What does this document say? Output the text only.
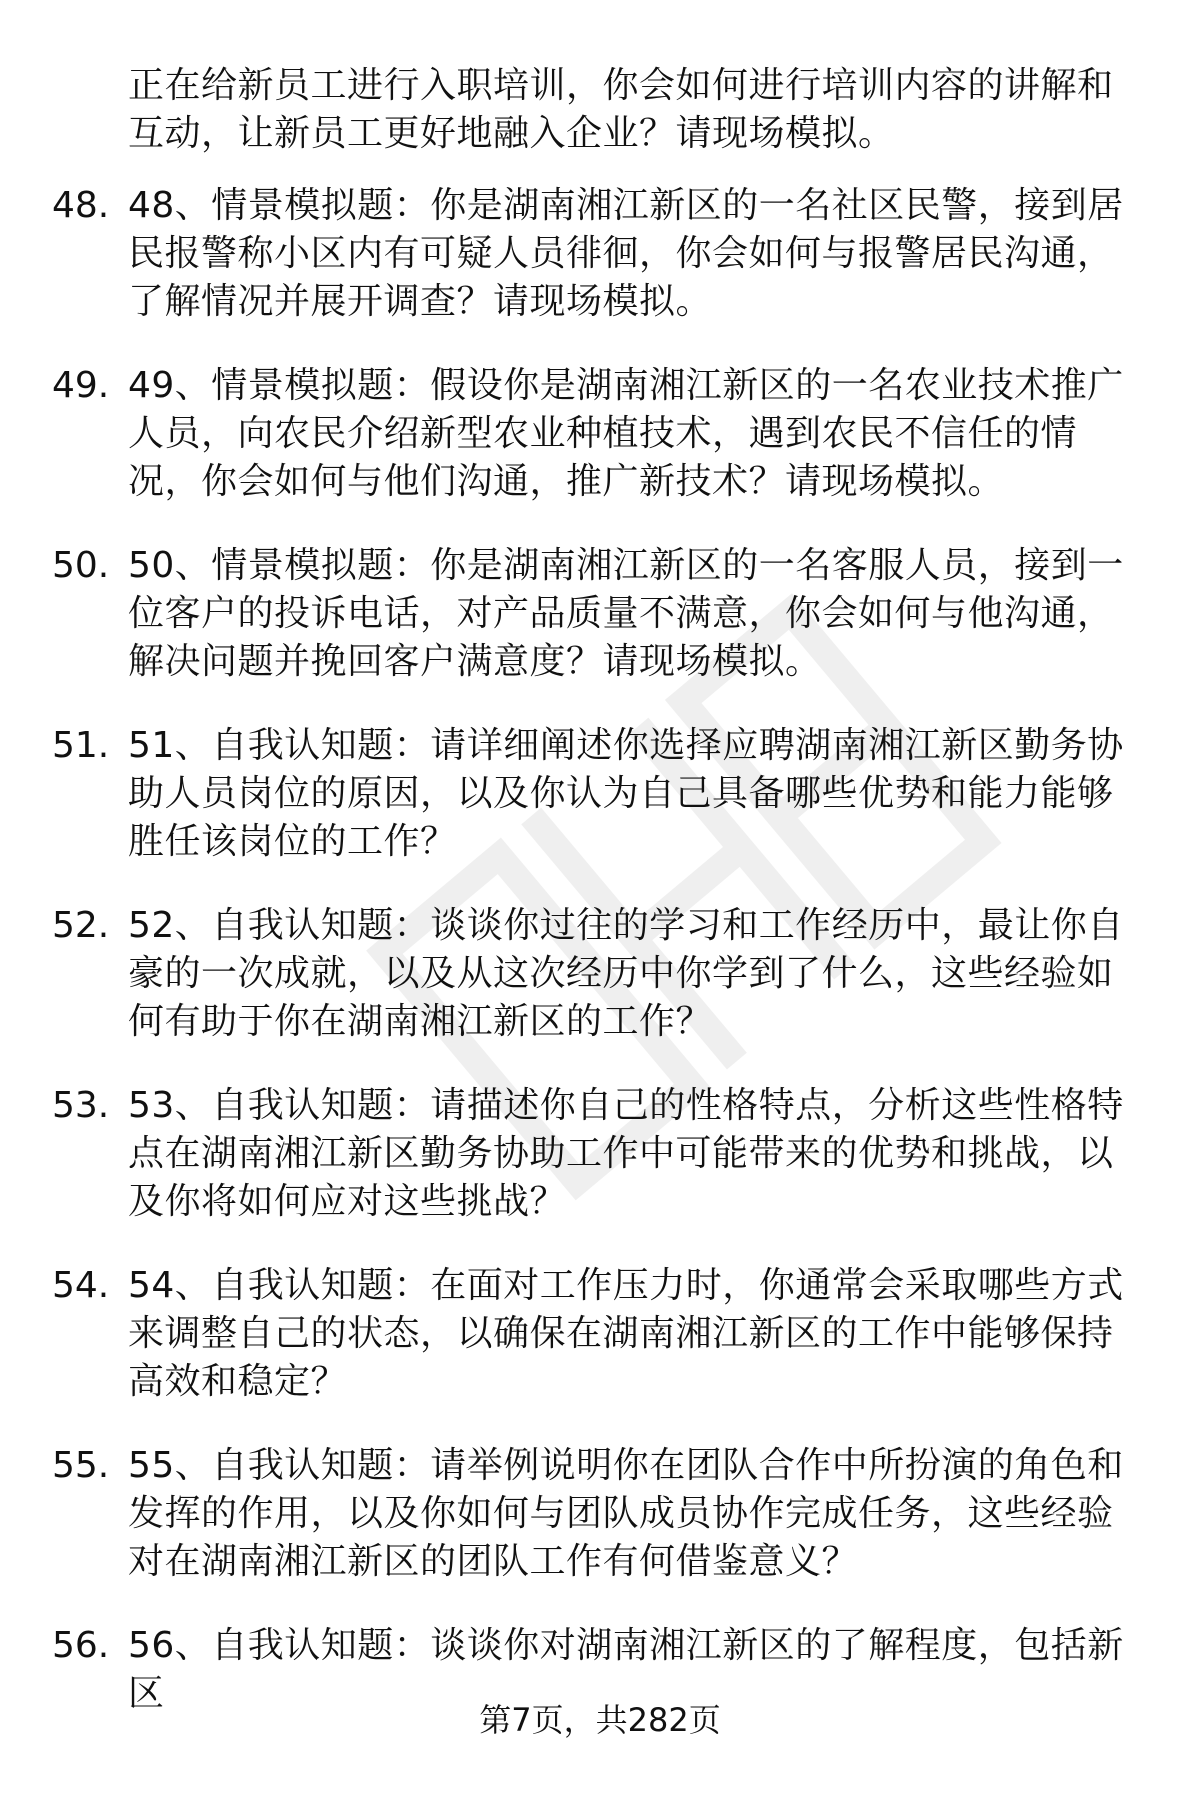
正在给新员工进行入职培训，你会如何进行培训内容的讲解和互动，让新员工更好地融入企业？请现场模拟。
48. 48、情景模拟题：你是湖南湘江新区的一名社区民警，接到居民报警称小区内有可疑人员徘徊，你会如何与报警居民沟通，了解情况并展开调查？请现场模拟。
49. 49、情景模拟题：假设你是湖南湘江新区的一名农业技术推广人员，向农民介绍新型农业种植技术，遇到农民不信任的情况，你会如何与他们沟通，推广新技术？请现场模拟。
50. 50、情景模拟题：你是湖南湘江新区的一名客服人员，接到一位客户的投诉电话，对产品质量不满意，你会如何与他沟通，解决问题并挽回客户满意度？请现场模拟。
51. 51、自我认知题：请详细阐述你选择应聘湖南湘江新区勤务协助人员岗位的原因，以及你认为自己具备哪些优势和能力能够胜任该岗位的工作？
52. 52、自我认知题：谈谈你过往的学习和工作经历中，最让你自豪的一次成就，以及从这次经历中你学到了什么，这些经验如何有助于你在湖南湘江新区的工作？
53. 53、自我认知题：请描述你自己的性格特点，分析这些性格特点在湖南湘江新区勤务协助工作中可能带来的优势和挑战，以及你将如何应对这些挑战？
54. 54、自我认知题：在面对工作压力时，你通常会采取哪些方式来调整自己的状态，以确保在湖南湘江新区的工作中能够保持高效和稳定？
55. 55、自我认知题：请举例说明你在团队合作中所扮演的角色和发挥的作用，以及你如何与团队成员协作完成任务，这些经验对在湖南湘江新区的团队工作有何借鉴意义？
56. 56、自我认知题：谈谈你对湖南湘江新区的了解程度，包括新区
第7页，共282页
